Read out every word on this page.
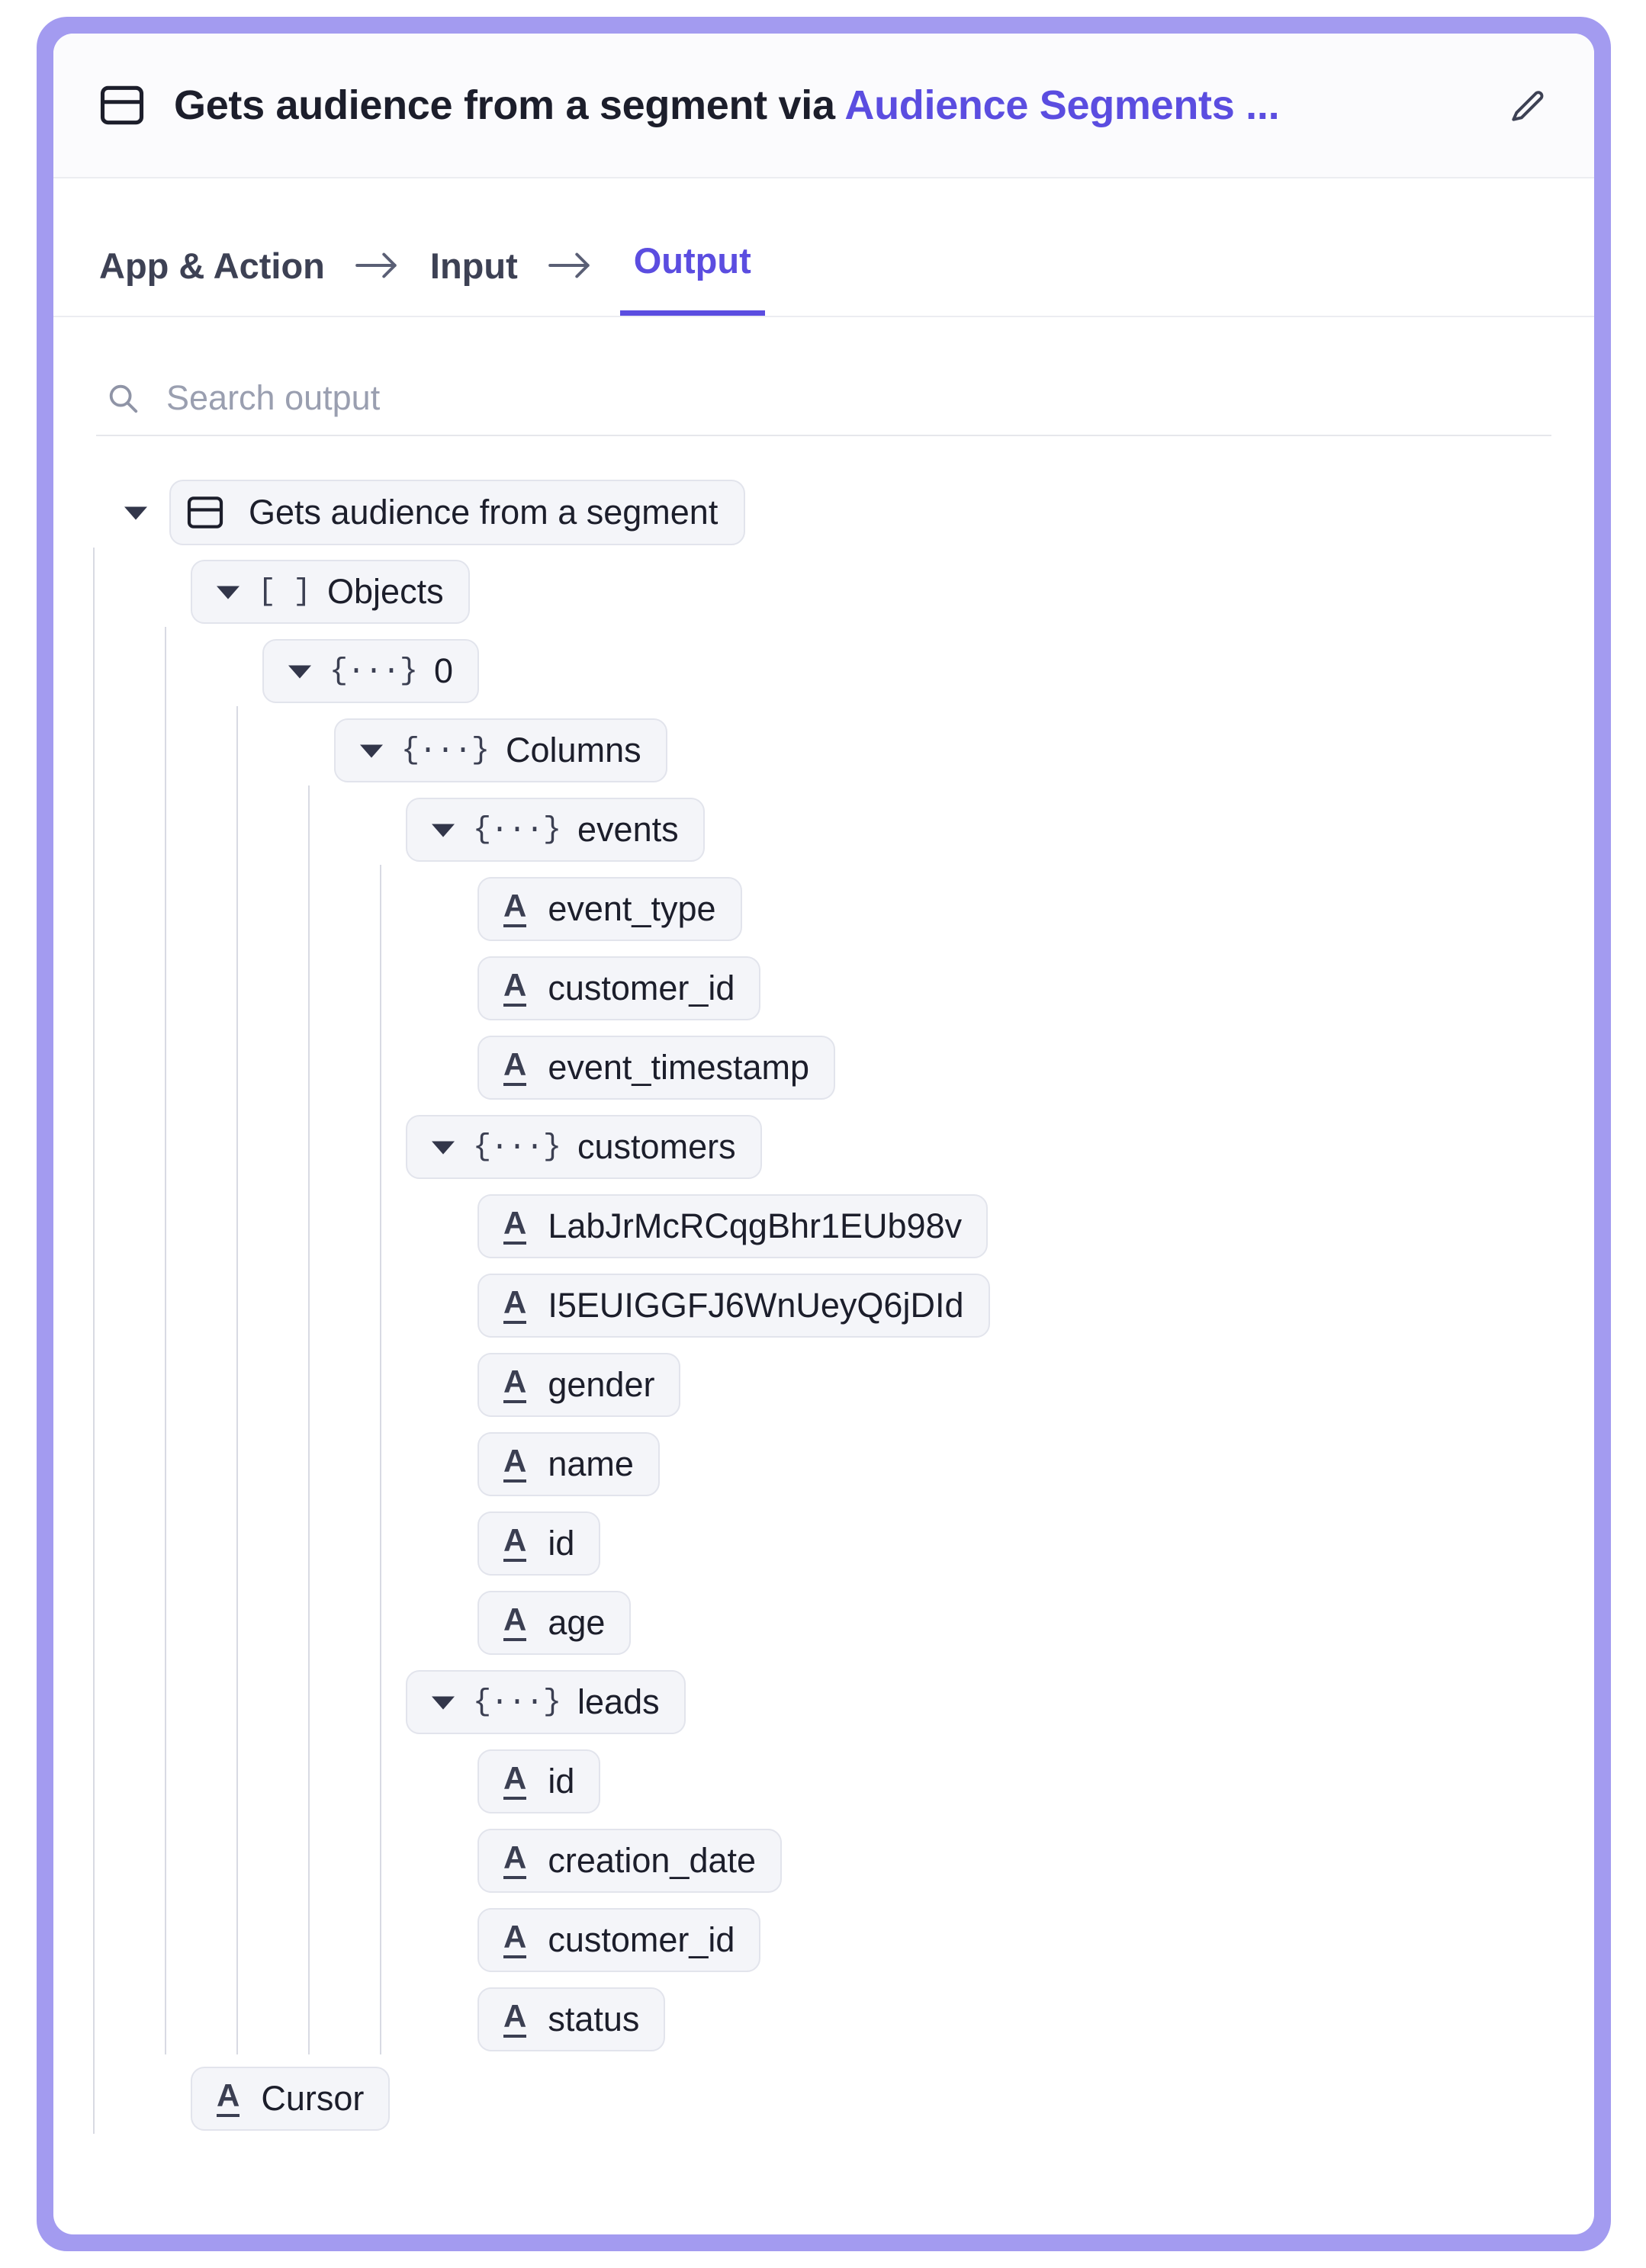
Gets audience from a segment via Audience Segments ...
App & Action	Input	Output
Search output
Gets audience from a segment
[ ] Objects
{···} 0
{···} Columns
{···} events
A event_type
A customer_id
A event_timestamp
{···} customers
A LabJrMcRCqgBhr1EUb98v
A I5EUIGGFJ6WnUeyQ6jDId
A gender
A name
A id
A age
{···} leads
A id
A creation_date
A customer_id
A status
A Cursor
